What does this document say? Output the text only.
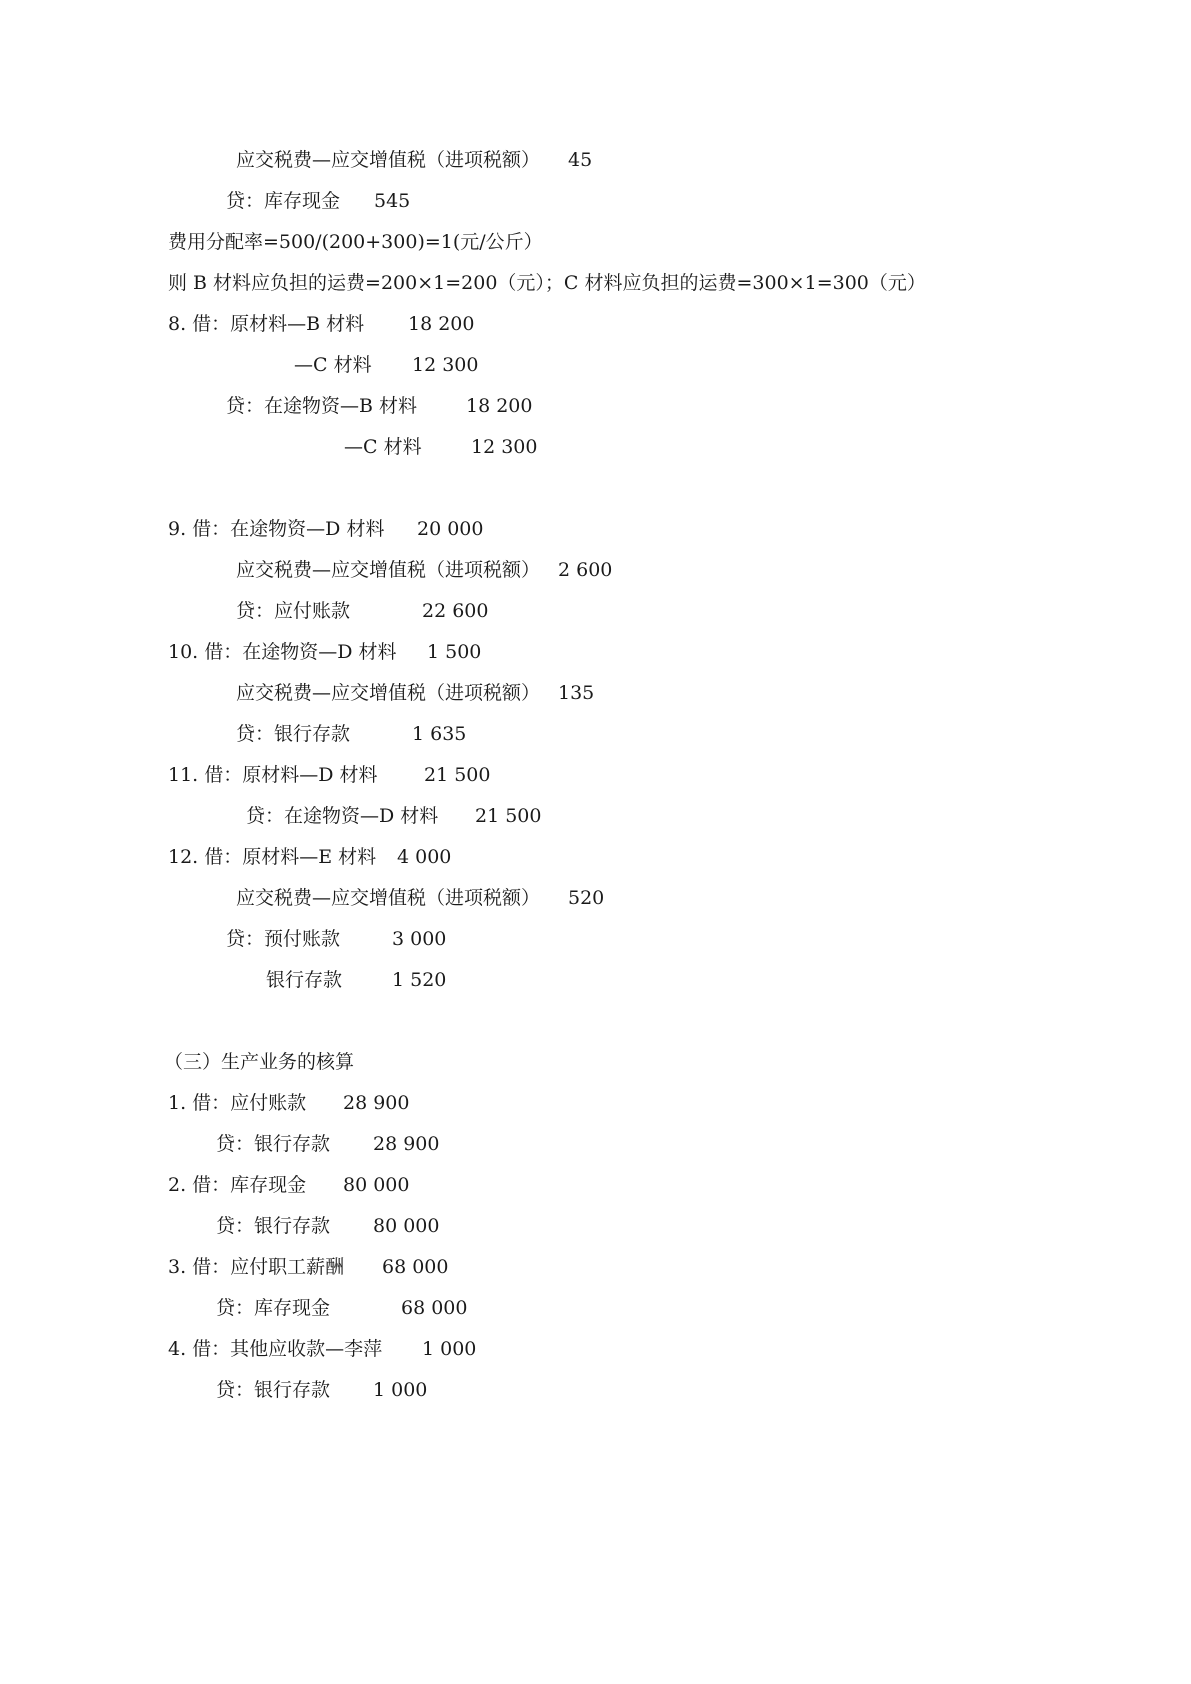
应交税费—应交增值税（进项税额） 45

贷：库存现金 545

费用分配率=500/(200+300)=1(元/公斤）

则 B 材料应负担的运费=200×1=200（元）；C 材料应负担的运费=300×1=300（元）

8. 借：原材料—B 材料 18 200

—C 材料 12 300

贷：在途物资—B 材料	18 200

—C 材料	12 300

9. 借：在途物资—D 材料 20 000

应交税费—应交增值税（进项税额） 2 600

贷：应付账款	22 600

10. 借：在途物资—D 材料 1 500

应交税费—应交增值税（进项税额） 135

贷：银行存款	1 635

11. 借：原材料—D 材料 21 500

贷：在途物资—D 材料 21 500

12. 借：原材料—E 材料 4 000

应交税费—应交增值税（进项税额） 520

贷：预付账款	3 000

银行存款	1 520

（三）生产业务的核算

1. 借：应付账款 28 900

贷：银行存款 28 900

2. 借：库存现金 80 000

贷：银行存款 80 000

3. 借：应付职工薪酬 68 000

贷：库存现金	68 000

4. 借：其他应收款—李萍 1 000

贷：银行存款 1 000
